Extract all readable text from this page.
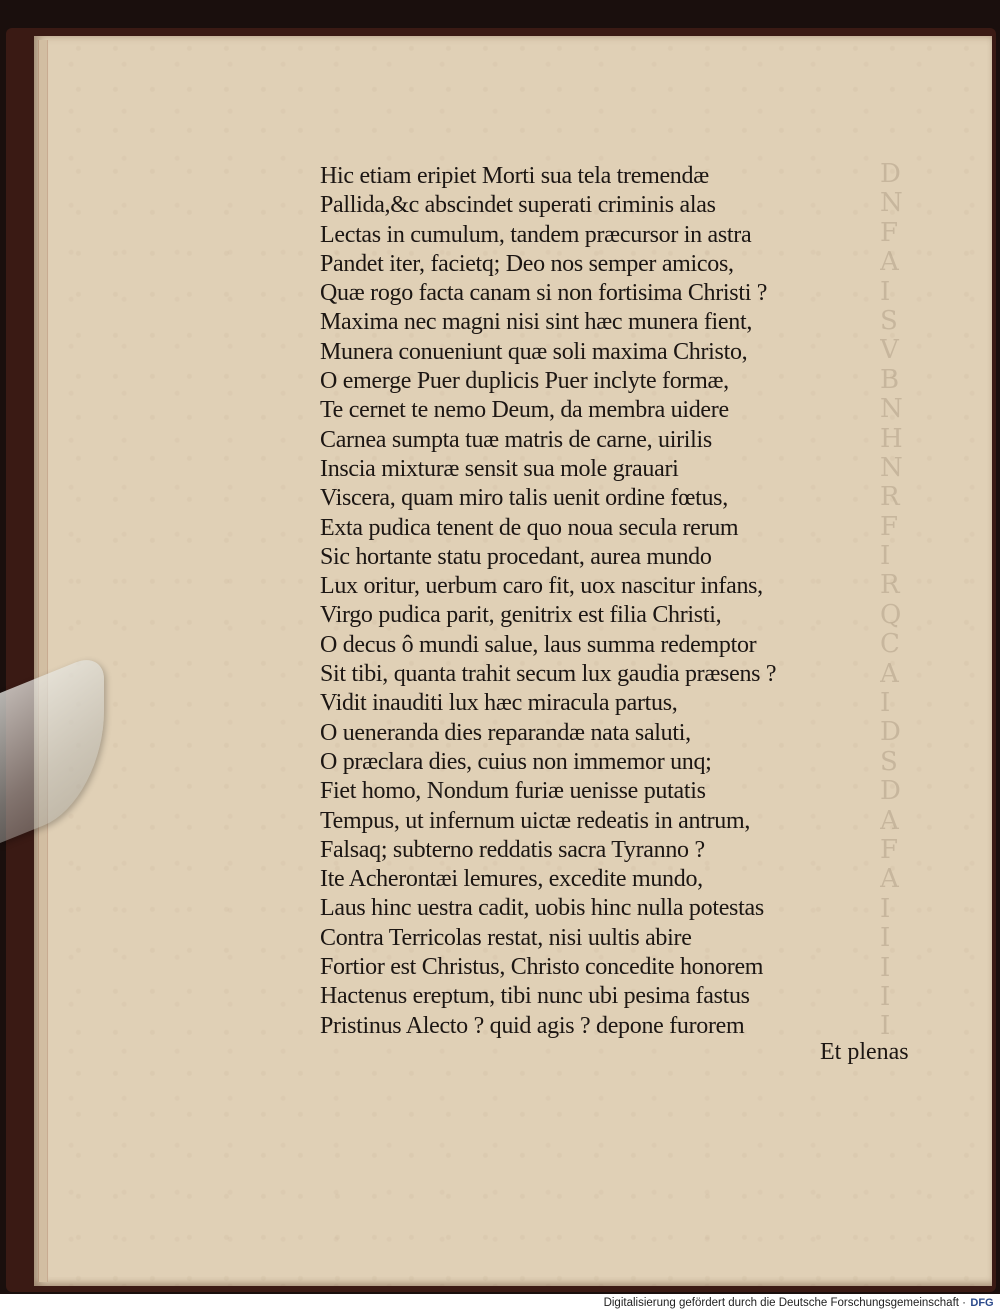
D
N
F
A
I
S
V
B
N
H
N
R
F
I
R
Q
C
A
I
D
S
D
A
F
A
I
I
I
I
I
Hic etiam eripiet Morti sua tela tremendæ
Pallida,&c abscindet superati criminis alas
Lectas in cumulum, tandem præcursor in astra
Pandet iter, facietq; Deo nos semper amicos,
Quæ rogo facta canam si non fortisima Christi ?
Maxima nec magni nisi sint hæc munera fient,
Munera conueniunt quæ soli maxima Christo,
O emerge Puer duplicis Puer inclyte formæ,
Te cernet te nemo Deum, da membra uidere
Carnea sumpta tuæ matris de carne, uirilis
Inscia mixturæ sensit sua mole grauari
Viscera, quam miro talis uenit ordine fœtus,
Exta pudica tenent de quo noua secula rerum
Sic hortante statu procedant, aurea mundo
Lux oritur, uerbum caro fit, uox nascitur infans,
Virgo pudica parit, genitrix est filia Christi,
O decus ô mundi salue, laus summa redemptor
Sit tibi, quanta trahit secum lux gaudia præsens ?
Vidit inauditi lux hæc miracula partus,
O ueneranda dies reparandæ nata saluti,
O præclara dies, cuius non immemor unq;
Fiet homo, Nondum furiæ uenisse putatis
Tempus, ut infernum uictæ redeatis in antrum,
Falsaq; subterno reddatis sacra Tyranno ?
Ite Acherontæi lemures, excedite mundo,
Laus hinc uestra cadit, uobis hinc nulla potestas
Contra Terricolas restat, nisi uultis abire
Fortior est Christus, Christo concedite honorem
Hactenus ereptum, tibi nunc ubi pesima fastus
Pristinus Alecto ? quid agis ? depone furorem
Et plenas
Digitalisierung gefördert durch die Deutsche Forschungsgemeinschaft · DFG
